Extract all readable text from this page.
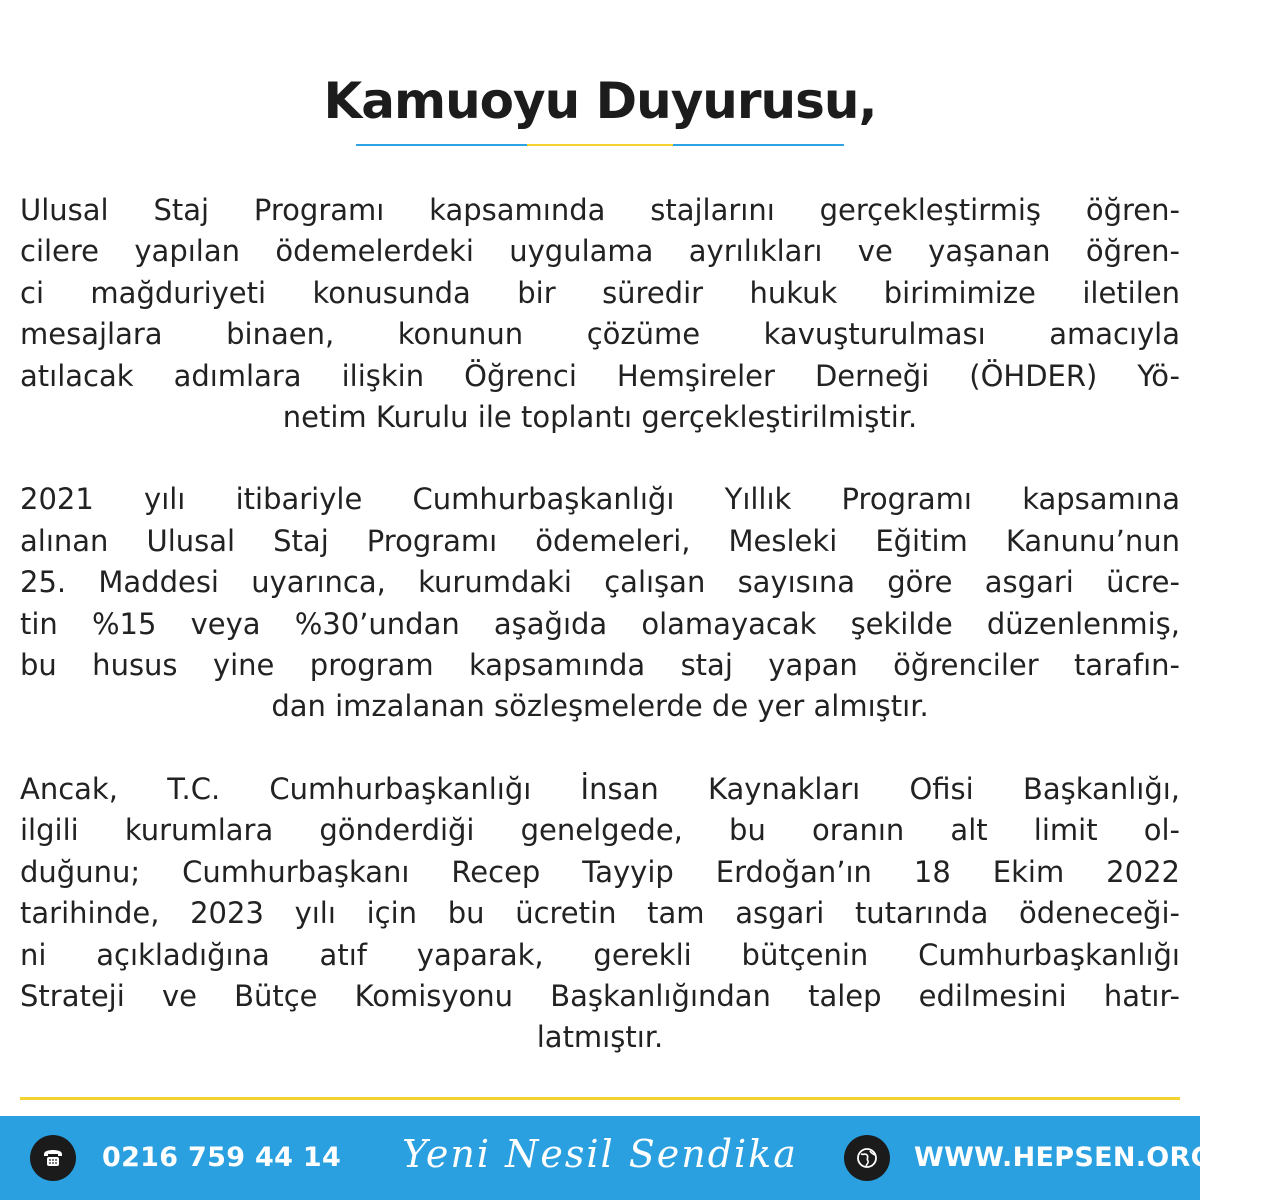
Kamuoyu Duyurusu,
Ulusal Staj Programı kapsamında stajlarını gerçekleştirmiş öğren-
cilere yapılan ödemelerdeki uygulama ayrılıkları ve yaşanan öğren-
ci mağduriyeti konusunda bir süredir hukuk birimimize iletilen
mesajlara binaen, konunun çözüme kavuşturulması amacıyla
atılacak adımlara ilişkin Öğrenci Hemşireler Derneği (ÖHDER) Yö-
netim Kurulu ile toplantı gerçekleştirilmiştir.
2021 yılı itibariyle Cumhurbaşkanlığı Yıllık Programı kapsamına
alınan Ulusal Staj Programı ödemeleri, Mesleki Eğitim Kanunu’nun
25. Maddesi uyarınca, kurumdaki çalışan sayısına göre asgari ücre-
tin %15 veya %30’undan aşağıda olamayacak şekilde düzenlenmiş,
bu husus yine program kapsamında staj yapan öğrenciler tarafın-
dan imzalanan sözleşmelerde de yer almıştır.
Ancak, T.C. Cumhurbaşkanlığı İnsan Kaynakları Ofisi Başkanlığı,
ilgili kurumlara gönderdiği genelgede, bu oranın alt limit ol-
duğunu; Cumhurbaşkanı Recep Tayyip Erdoğan’ın 18 Ekim 2022
tarihinde, 2023 yılı için bu ücretin tam asgari tutarında ödeneceği-
ni açıkladığına atıf yaparak, gerekli bütçenin Cumhurbaşkanlığı
Strateji ve Bütçe Komisyonu Başkanlığından talep edilmesini hatır-
latmıştır.
0216 759 44 14 Yeni Nesil Sendika	WWW.HEPSEN.ORG.TR
